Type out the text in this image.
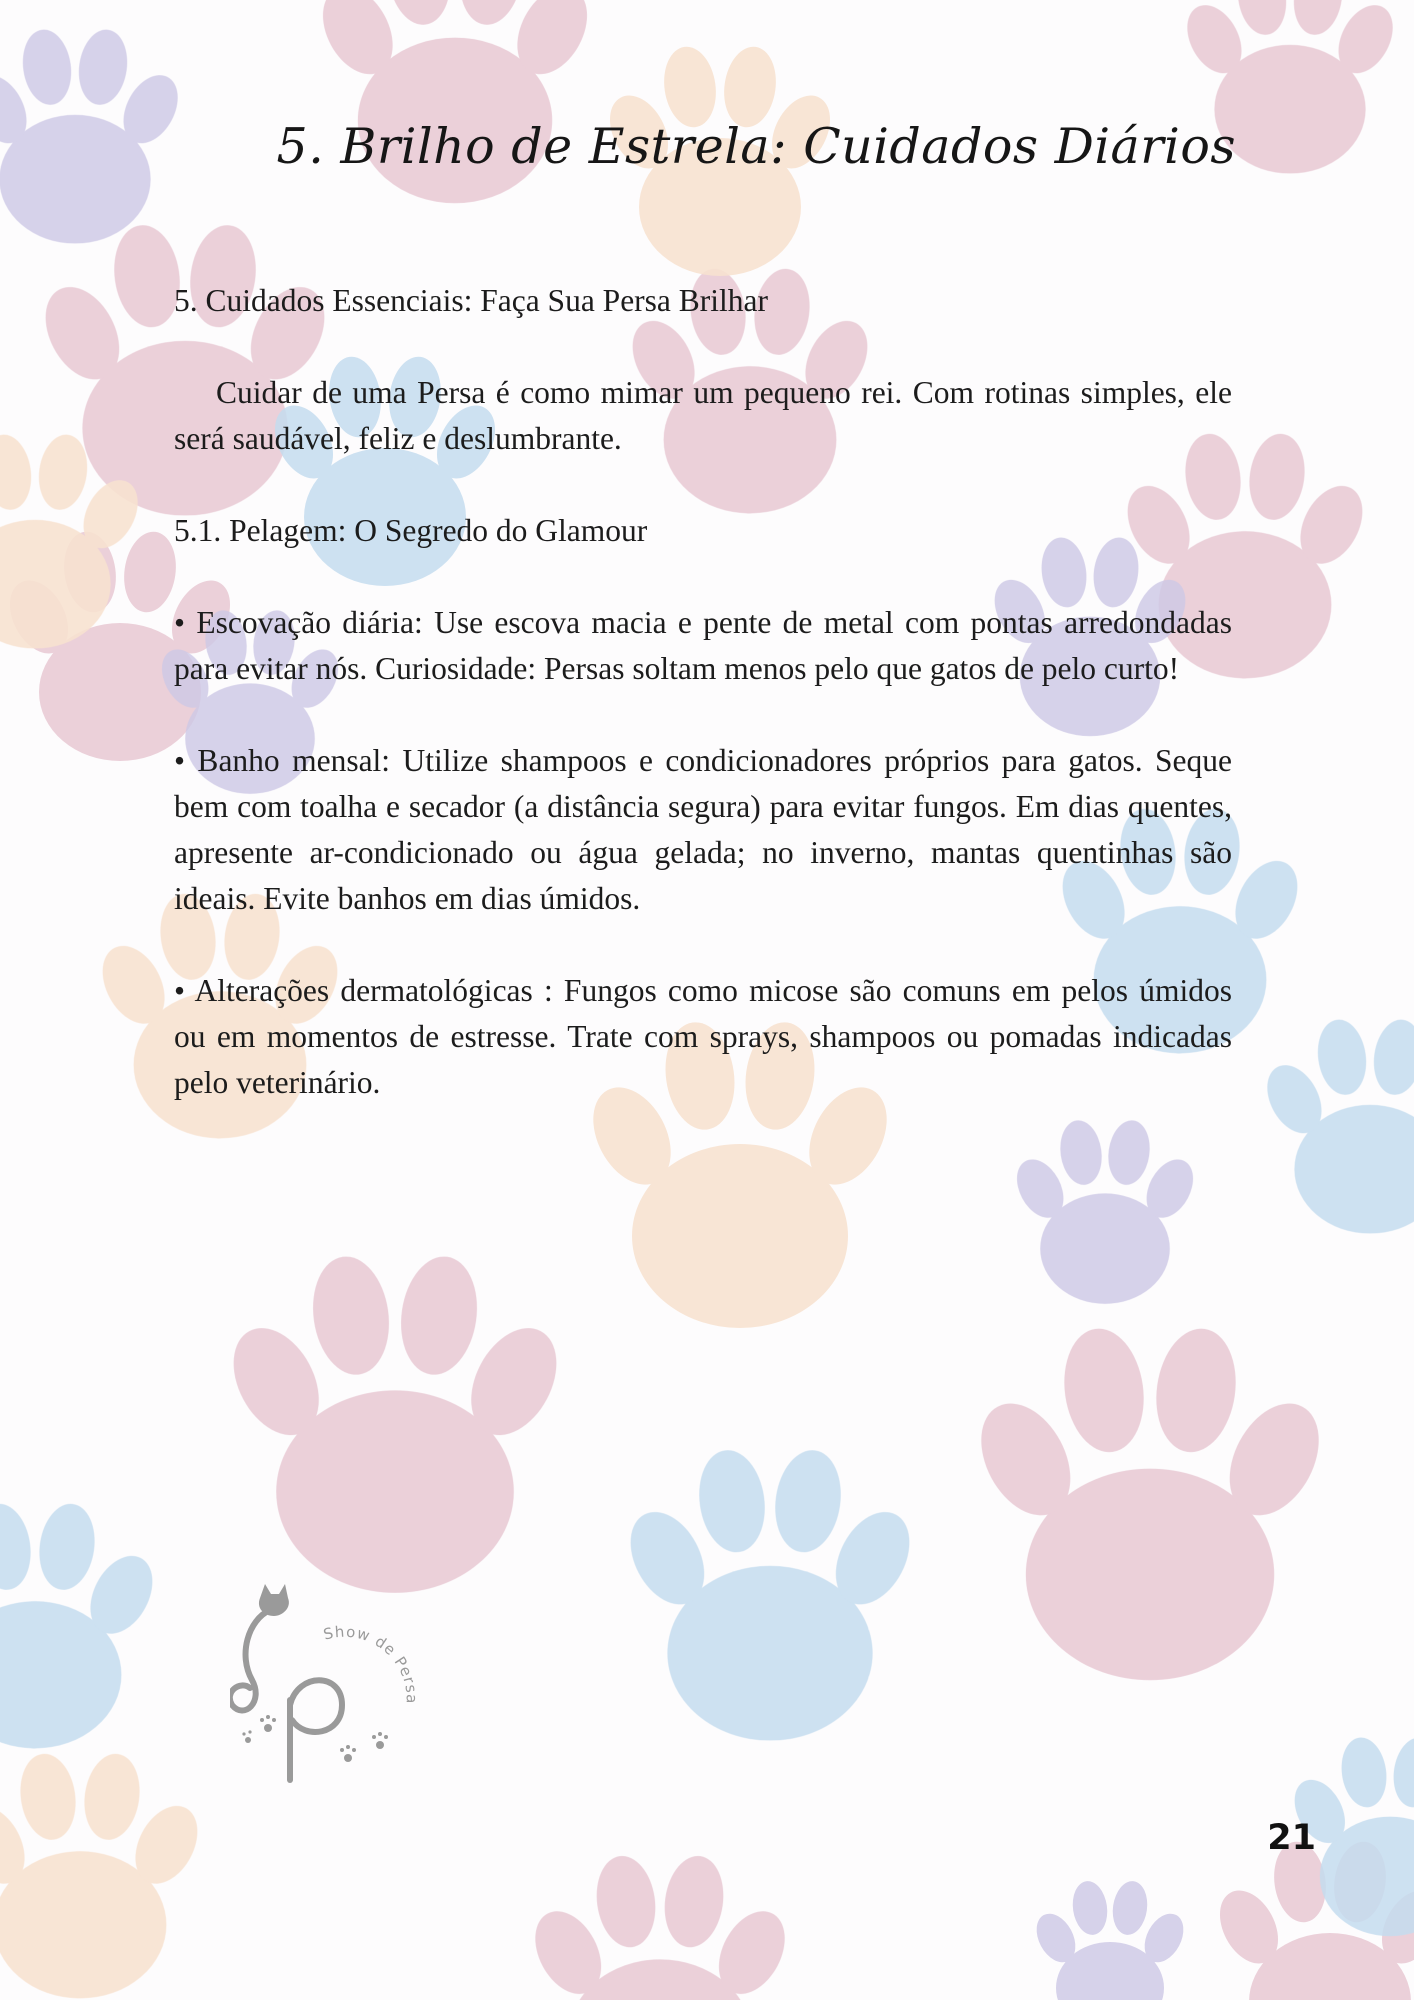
5. Brilho de Estrela: Cuidados Diários

5. Cuidados Essenciais: Faça Sua Persa Brilhar

Cuidar de uma Persa é como mimar um pequeno rei. Com rotinas simples, ele será saudável, feliz e deslumbrante.

5.1. Pelagem: O Segredo do Glamour

• Escovação diária: Use escova macia e pente de metal com pontas arredondadas para evitar nós. Curiosidade: Persas soltam menos pelo que gatos de pelo curto!

• Banho mensal: Utilize shampoos e condicionadores próprios para gatos. Seque bem com toalha e secador (a distância segura) para evitar fungos. Em dias quentes, apresente ar-condicionado ou água gelada; no inverno, mantas quentinhas são ideais. Evite banhos em dias úmidos.

• Alterações dermatológicas : Fungos como micose são comuns em pelos úmidos ou em momentos de estresse. Trate com sprays, shampoos ou pomadas indicadas pelo veterinário.

Show de Persa
21
